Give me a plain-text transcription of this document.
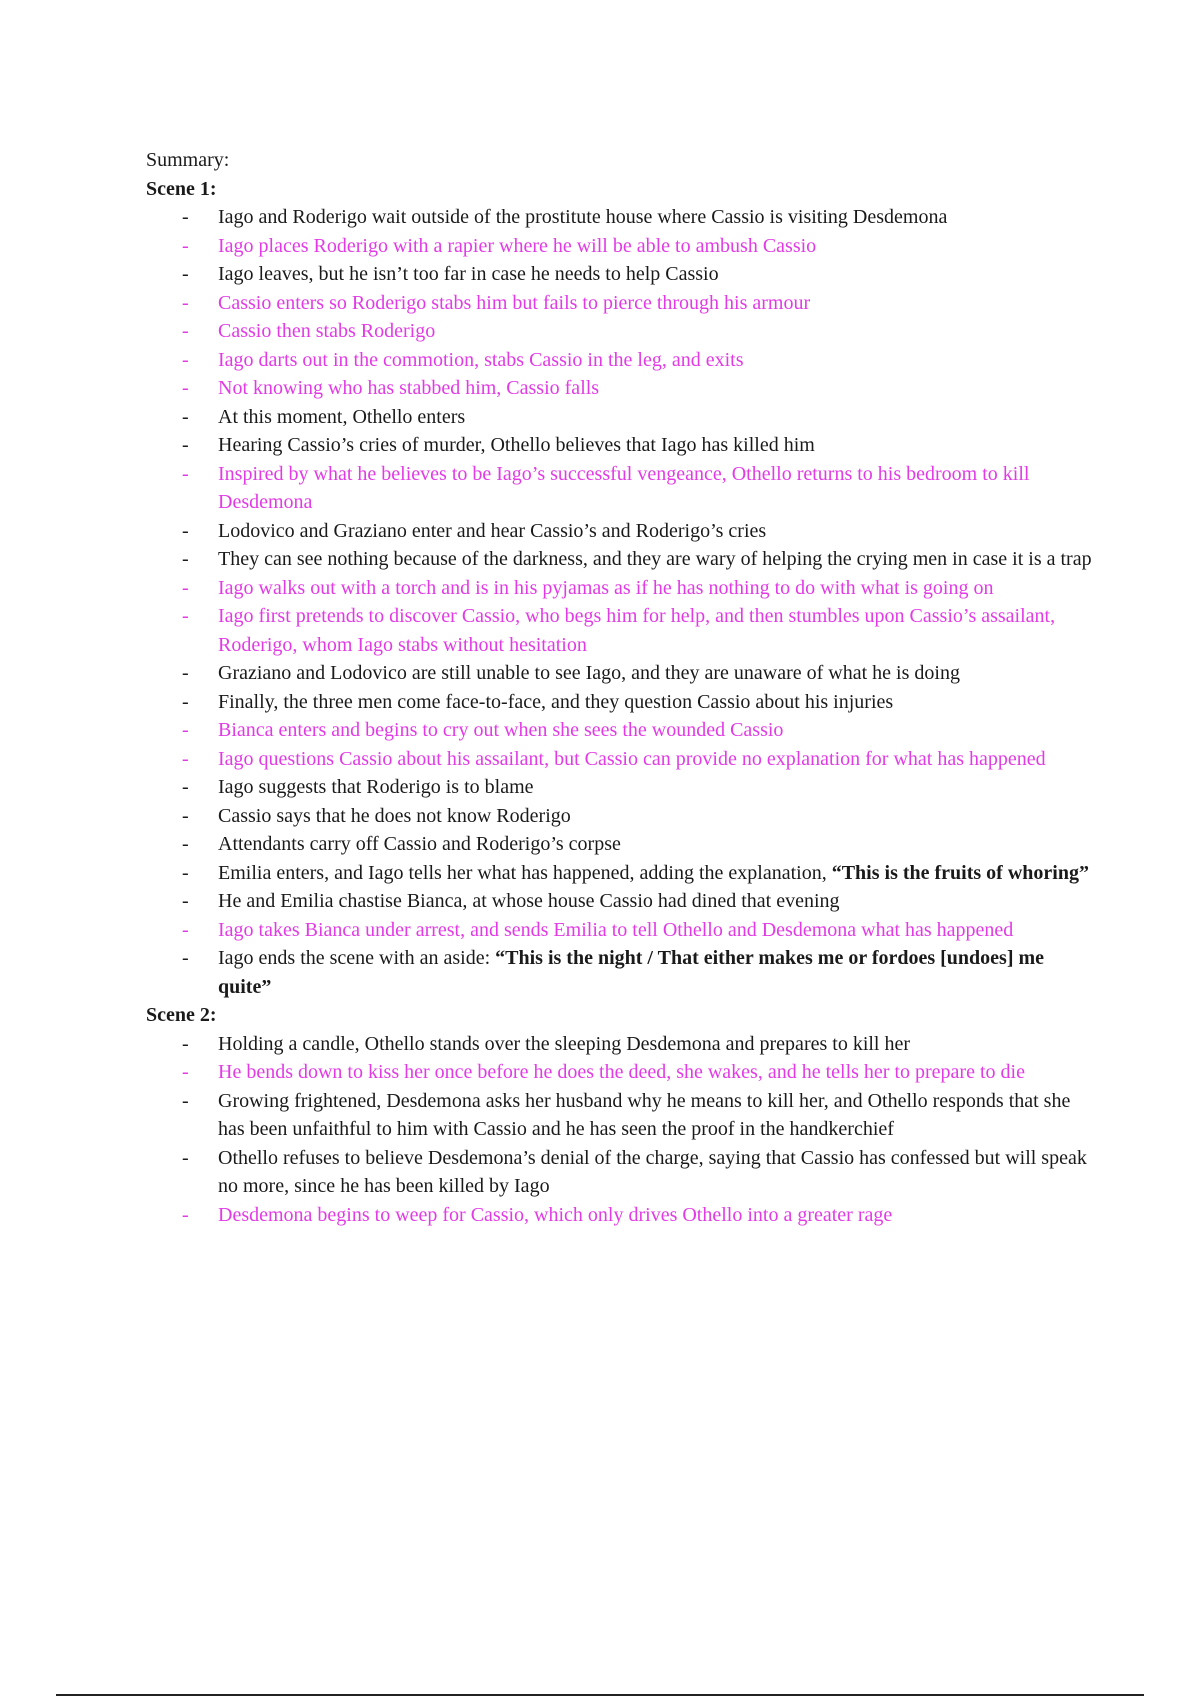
Summary:

Scene 1:

- Iago and Roderigo wait outside of the prostitute house where Cassio is visiting Desdemona
- Iago places Roderigo with a rapier where he will be able to ambush Cassio
- Iago leaves, but he isn’t too far in case he needs to help Cassio
- Cassio enters so Roderigo stabs him but fails to pierce through his armour
- Cassio then stabs Roderigo
- Iago darts out in the commotion, stabs Cassio in the leg, and exits
- Not knowing who has stabbed him, Cassio falls
- At this moment, Othello enters
- Hearing Cassio’s cries of murder, Othello believes that Iago has killed him
- Inspired by what he believes to be Iago’s successful vengeance, Othello returns to his bedroom to kill Desdemona
- Lodovico and Graziano enter and hear Cassio’s and Roderigo’s cries
- They can see nothing because of the darkness, and they are wary of helping the crying men in case it is a trap
- Iago walks out with a torch and is in his pyjamas as if he has nothing to do with what is going on
- Iago first pretends to discover Cassio, who begs him for help, and then stumbles upon Cassio’s assailant, Roderigo, whom Iago stabs without hesitation
- Graziano and Lodovico are still unable to see Iago, and they are unaware of what he is doing
- Finally, the three men come face-to-face, and they question Cassio about his injuries
- Bianca enters and begins to cry out when she sees the wounded Cassio
- Iago questions Cassio about his assailant, but Cassio can provide no explanation for what has happened
- Iago suggests that Roderigo is to blame
- Cassio says that he does not know Roderigo
- Attendants carry off Cassio and Roderigo’s corpse
- Emilia enters, and Iago tells her what has happened, adding the explanation, “This is the fruits of whoring”
- He and Emilia chastise Bianca, at whose house Cassio had dined that evening
- Iago takes Bianca under arrest, and sends Emilia to tell Othello and Desdemona what has happened
- Iago ends the scene with an aside: “This is the night / That either makes me or fordoes [undoes] me quite”

Scene 2:

- Holding a candle, Othello stands over the sleeping Desdemona and prepares to kill her
- He bends down to kiss her once before he does the deed, she wakes, and he tells her to prepare to die
- Growing frightened, Desdemona asks her husband why he means to kill her, and Othello responds that she has been unfaithful to him with Cassio and he has seen the proof in the handkerchief
- Othello refuses to believe Desdemona’s denial of the charge, saying that Cassio has confessed but will speak no more, since he has been killed by Iago
- Desdemona begins to weep for Cassio, which only drives Othello into a greater rage
